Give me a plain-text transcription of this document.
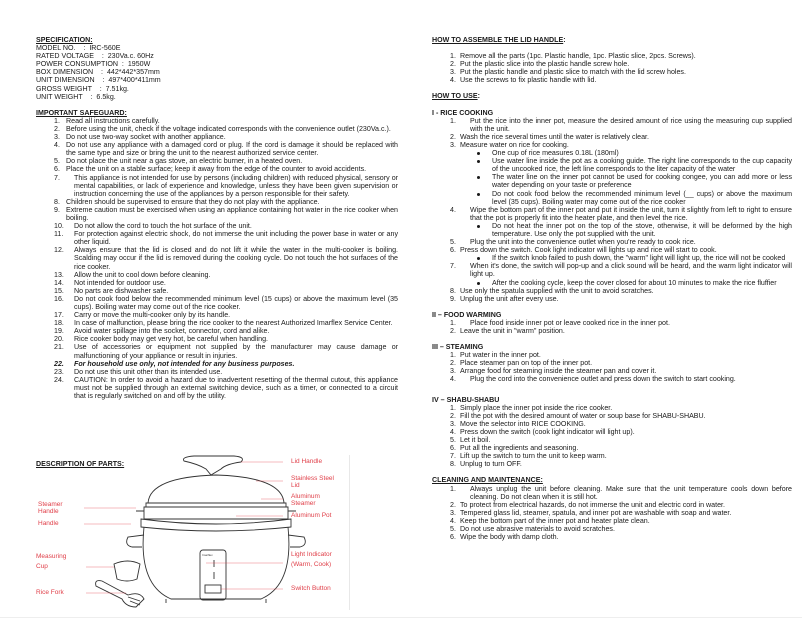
SPECIFICATION:
MODEL NO.    :  IRC-560E
RATED VOLTAGE    :  230Va.c. 60Hz
POWER CONSUMPTION  :  1950W
BOX DIMENSION    :  442*442*357mm
UNIT DIMENSION    :  497*400*411mm
GROSS WEIGHT    :  7.51kg.
UNIT WEIGHT    :  6.5kg.
IMPORTANT SAFEGUARD:
1. Read all instructions carefully.
2. Before using the unit, check if the voltage indicated corresponds with the convenience outlet (230Va.c.).
3. Do not use two-way socket with another appliance.
4. Do not use any appliance with a damaged cord or plug. If the cord is damage it should be replaced with the same type and size or bring the unit to the nearest authorized service center.
5. Do not place the unit near a gas stove, an electric burner, in a heated oven.
6. Place the unit on a stable surface; keep it away from the edge of the counter to avoid accidents.
7.	This appliance is not intended for use by persons (including children) with reduced physical, sensory or mental capabilities, or lack of experience and knowledge, unless they have been given supervision or instruction concerning the use of the appliances by a person responsible for their safety.
8. Children should be supervised to ensure that they do not play with the appliance.
9. Extreme caution must be exercised when using an appliance containing hot water in the rice cooker when boiling.
10.	Do not allow the cord to touch the hot surface of the unit.
11.	For protection against electric shock, do not immerse the unit including the power base in water or any other liquid.
12.	Always ensure that the lid is closed and do not lift it while the water in the multi-cooker is boiling. Scalding may occur if the lid is removed during the cooking cycle. Do not touch the hot surfaces of the rice cooker.
13.	Allow the unit to cool down before cleaning.
14.	Not intended for outdoor use.
15.	No parts are dishwasher safe.
16.	Do not cook food below the recommended minimum level (15 cups) or above the maximum level (35 cups). Boiling water may come out of the rice cooker.
17.	Carry or move the multi-cooker only by its handle.
18.	In case of malfunction, please bring the rice cooker to the nearest Authorized Imarflex Service Center.
19.	Avoid water spillage into the socket, connector, cord and alike.
20.	Rice cooker body may get very hot, be careful when handling.
21.	Use of accessories or equipment not supplied by the manufacturer may cause damage or malfunctioning of your appliance or result in injuries.
22.	For household use only, not intended for any business purposes.
23.	Do not use this unit other than its intended use.
24.	CAUTION: In order to avoid a hazard due to inadvertent resetting of the thermal cutout, this appliance must not be supplied through an external switching device, such as a timer, or connected to a circuit that is regularly switched on and off by the utility.
DESCRIPTION OF PARTS:
Imarflex
Lid Handle
Stainless Steel
Lid
Aluminum
Steamer
Aluminum Pot
Steamer
Handle
Handle
Measuring
Cup
Rice Fork
Light Indicator
(Warm, Cook)
Switch Button
HOW TO ASSEMBLE THE LID HANDLE:
1. Remove all the parts (1pc. Plastic handle, 1pc. Plastic slice, 2pcs. Screws).
2. Put the plastic slice into the plastic handle screw hole.
3. Put the plastic handle and plastic slice to match with the lid screw holes.
4. Use the screws to fix plastic handle with lid.
HOW TO USE:
I - RICE COOKING
1.	Put the rice into the inner pot, measure the desired amount of rice using the measuring cup supplied with the unit.
2. Wash the rice several times until the water is relatively clear.
3. Measure water on rice for cooking.
One cup of rice measures 0.18L (180ml)
Use water line inside the pot as a cooking guide. The right line corresponds to the cup capacity of the uncooked rice, the left line corresponds to the liter capacity of the water
The water line on the inner pot cannot be used for cooking congee, you can add more or less water depending on your taste or preference
Do not cook food below the recommended minimum level (__ cups) or above the maximum level (35 cups). Boiling water may come out of the rice cooker
4.	Wipe the bottom part of the inner pot and put it inside the unit, turn it slightly from left to right to ensure that the pot is properly fit into the heater plate, and then level the rice.
Do not heat the inner pot on the top of the stove, otherwise, it will be deformed by the high temperature. Use only the pot supplied with the unit.
5.	Plug the unit into the convenience outlet when you're ready to cook rice.
6. Press down the switch. Cook light indicator will lights up and rice will start to cook.
If the switch knob failed to push down, the "warm" light will light up, the rice will not be cooked
7.	When it's done, the switch will pop-up and a click sound will be heard, and the warm light indicator will light up.
After the cooking cycle, keep the cover closed for about 10 minutes to make the rice fluffier
8. Use only the spatula supplied with the unit to avoid scratches.
9. Unplug the unit after every use.
II – FOOD WARMING
1.	Place food inside inner pot or leave cooked rice in the inner pot.
2. Leave the unit in "warm" position.
III – STEAMING
1. Put water in the inner pot.
2. Place steamer pan on top of the inner pot.
3. Arrange food for steaming inside the steamer pan and cover it.
4.	Plug the cord into the convenience outlet and press down the switch to start cooking.
IV – SHABU-SHABU
1. Simply place the inner pot inside the rice cooker.
2. Fill the pot with the desired amount of water or soup base for SHABU-SHABU.
3. Move the selector into RICE COOKING.
4. Press down the switch (cook light indicator will light up).
5. Let it boil.
6. Put all the ingredients and seasoning.
7. Lift up the switch to turn the unit to keep warm.
8. Unplug to turn OFF.
CLEANING AND MAINTENANCE:
1.	Always unplug the unit before cleaning. Make sure that the unit temperature cools down before cleaning. Do not clean when it is still hot.
2. To protect from electrical hazards, do not immerse the unit and electric cord in water.
3. Tempered glass lid, steamer, spatula, and inner pot are washable with soap and water.
4. Keep the bottom part of the inner pot and heater plate clean.
5. Do not use abrasive materials to avoid scratches.
6. Wipe the body with damp cloth.
